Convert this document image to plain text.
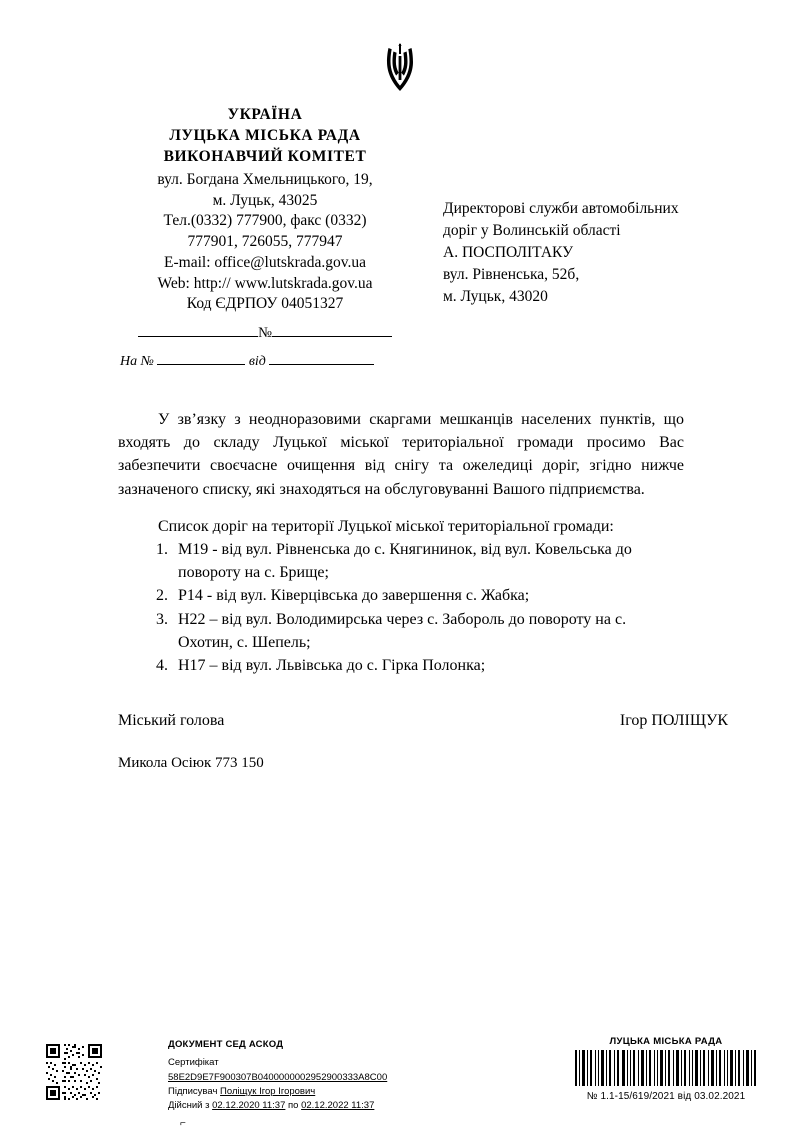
УКРАЇНА
ЛУЦЬКА МІСЬКА РАДА
ВИКОНАВЧИЙ КОМІТЕТ
вул. Богдана Хмельницького, 19,
м. Луцьк, 43025
Тел.(0332) 777900, факс (0332)
777901, 726055, 777947
E-mail: office@lutskrada.gov.ua
Web: http:// www.lutskrada.gov.ua
Код ЄДРПОУ 04051327
№
На №	від
Директорові служби автомобільних
доріг у Волинській області
А. ПОСПОЛІТАКУ
вул. Рівненська, 52б,
м. Луцьк, 43020

У зв’язку з неодноразовими скаргами мешканців населених пунктів, що входять до складу Луцької міської територіальної громади просимо Вас забезпечити своєчасне очищення від снігу та ожеледиці доріг, згідно нижче зазначеного списку, які знаходяться на обслуговуванні Вашого підприємства.

Список доріг на території Луцької міської територіальної громади:

1. М19 - від вул. Рівненська до с. Княгининок, від вул. Ковельська до повороту на с. Брище;
2. Р14 - від вул. Ківерцівська до завершення с. Жабка;
3. Н22 – від вул. Володимирська через с. Забороль до повороту на с. Охотин, с. Шепель;
4. Н17 – від вул. Львівська до с. Гірка Полонка;
Міський голова	Ігор ПОЛІЩУК
Микола Осіюк 773 150
ДОКУМЕНТ СЕД АСКОД
Сертифікат
58E2D9E7F900307B0400000002952900333A8C00
Підписувач Поліщук Ігор Ігорович
Дійсний з 02.12.2020 11:37 по 02.12.2022 11:37
⌐
ЛУЦЬКА МІСЬКА РАДА
№ 1.1-15/619/2021 від 03.02.2021
